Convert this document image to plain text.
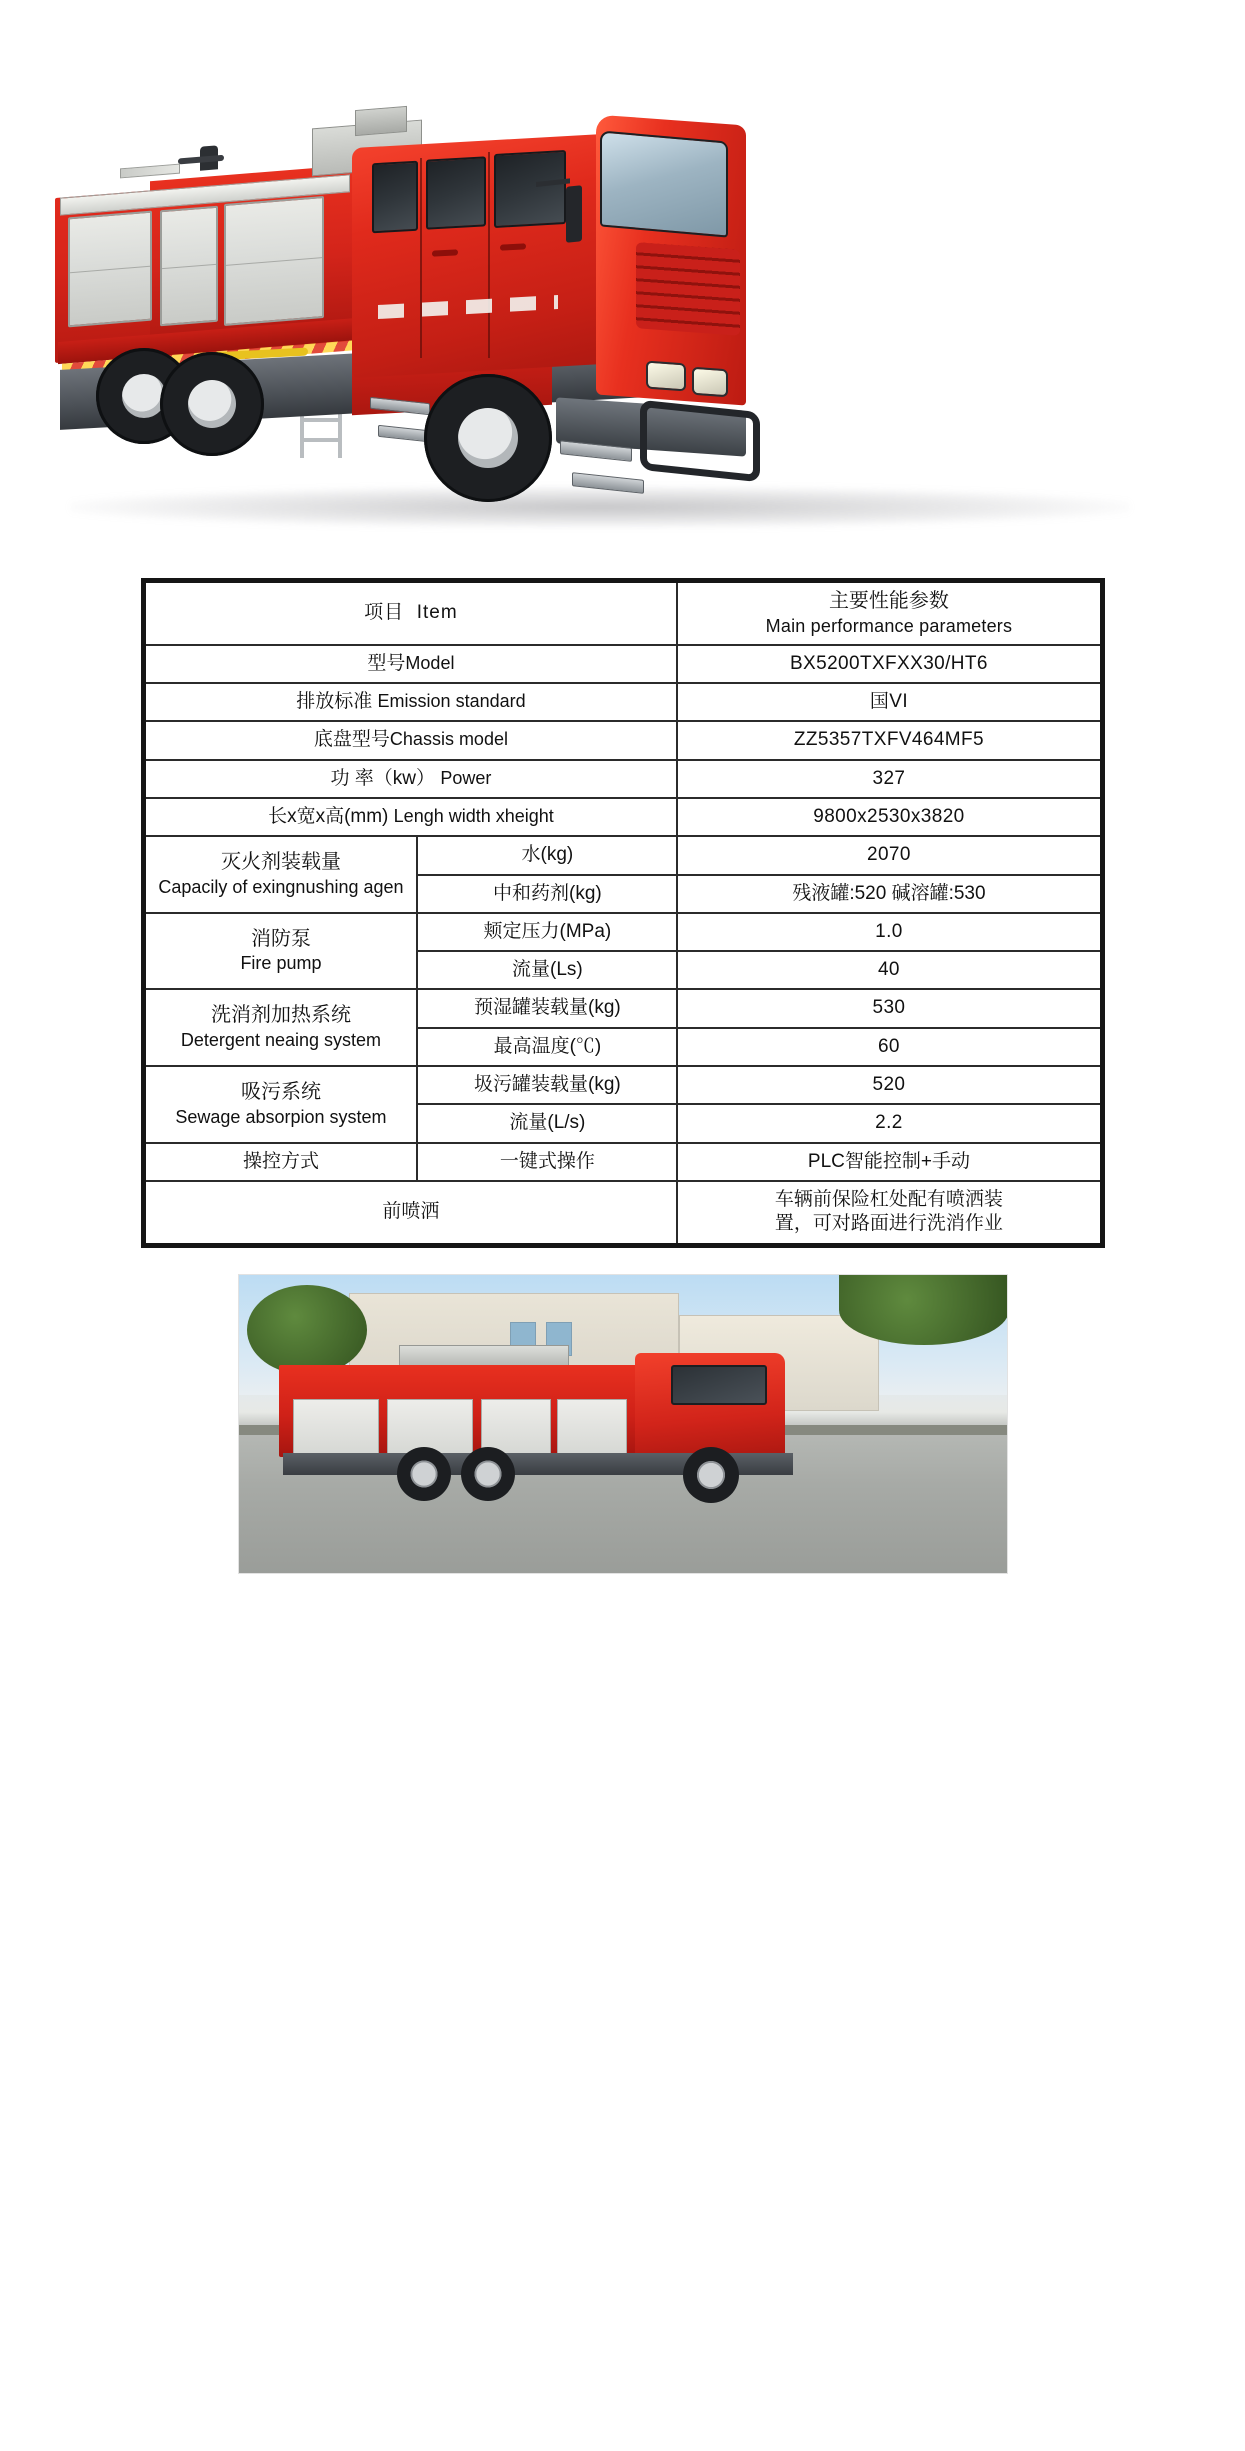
项目 Item		主要性能参数
Main performance parameters

型号Model		BX5200TXFXX30/HT6
排放标准 Emission standard		国VI
底盘型号Chassis model		ZZ5357TXFV464MF5
功 率（kw） Power		327
长x宽x高(mm) Lengh width xheight		9800x2530x3820

灭火剂装载量
Capacily of exingnushing agen	水(kg)	2070
	中和药剂(kg)	残液罐:520 碱溶罐:530

消防泵
Fire pump	颊定压力(MPa)	1.0
	流量(Ls)	40

洗消剂加热系统
Detergent neaing system	预湿罐装载量(kg)	530
	最高温度(℃)	60

吸污系统
Sewage absorpion system	圾污罐装载量(kg)	520
	流量(L/s)	2.2
操控方式	一键式操作	PLC智能控制+手动
前喷洒		车辆前保险杠处配有喷洒装
置，可对路面进行洗消作业
